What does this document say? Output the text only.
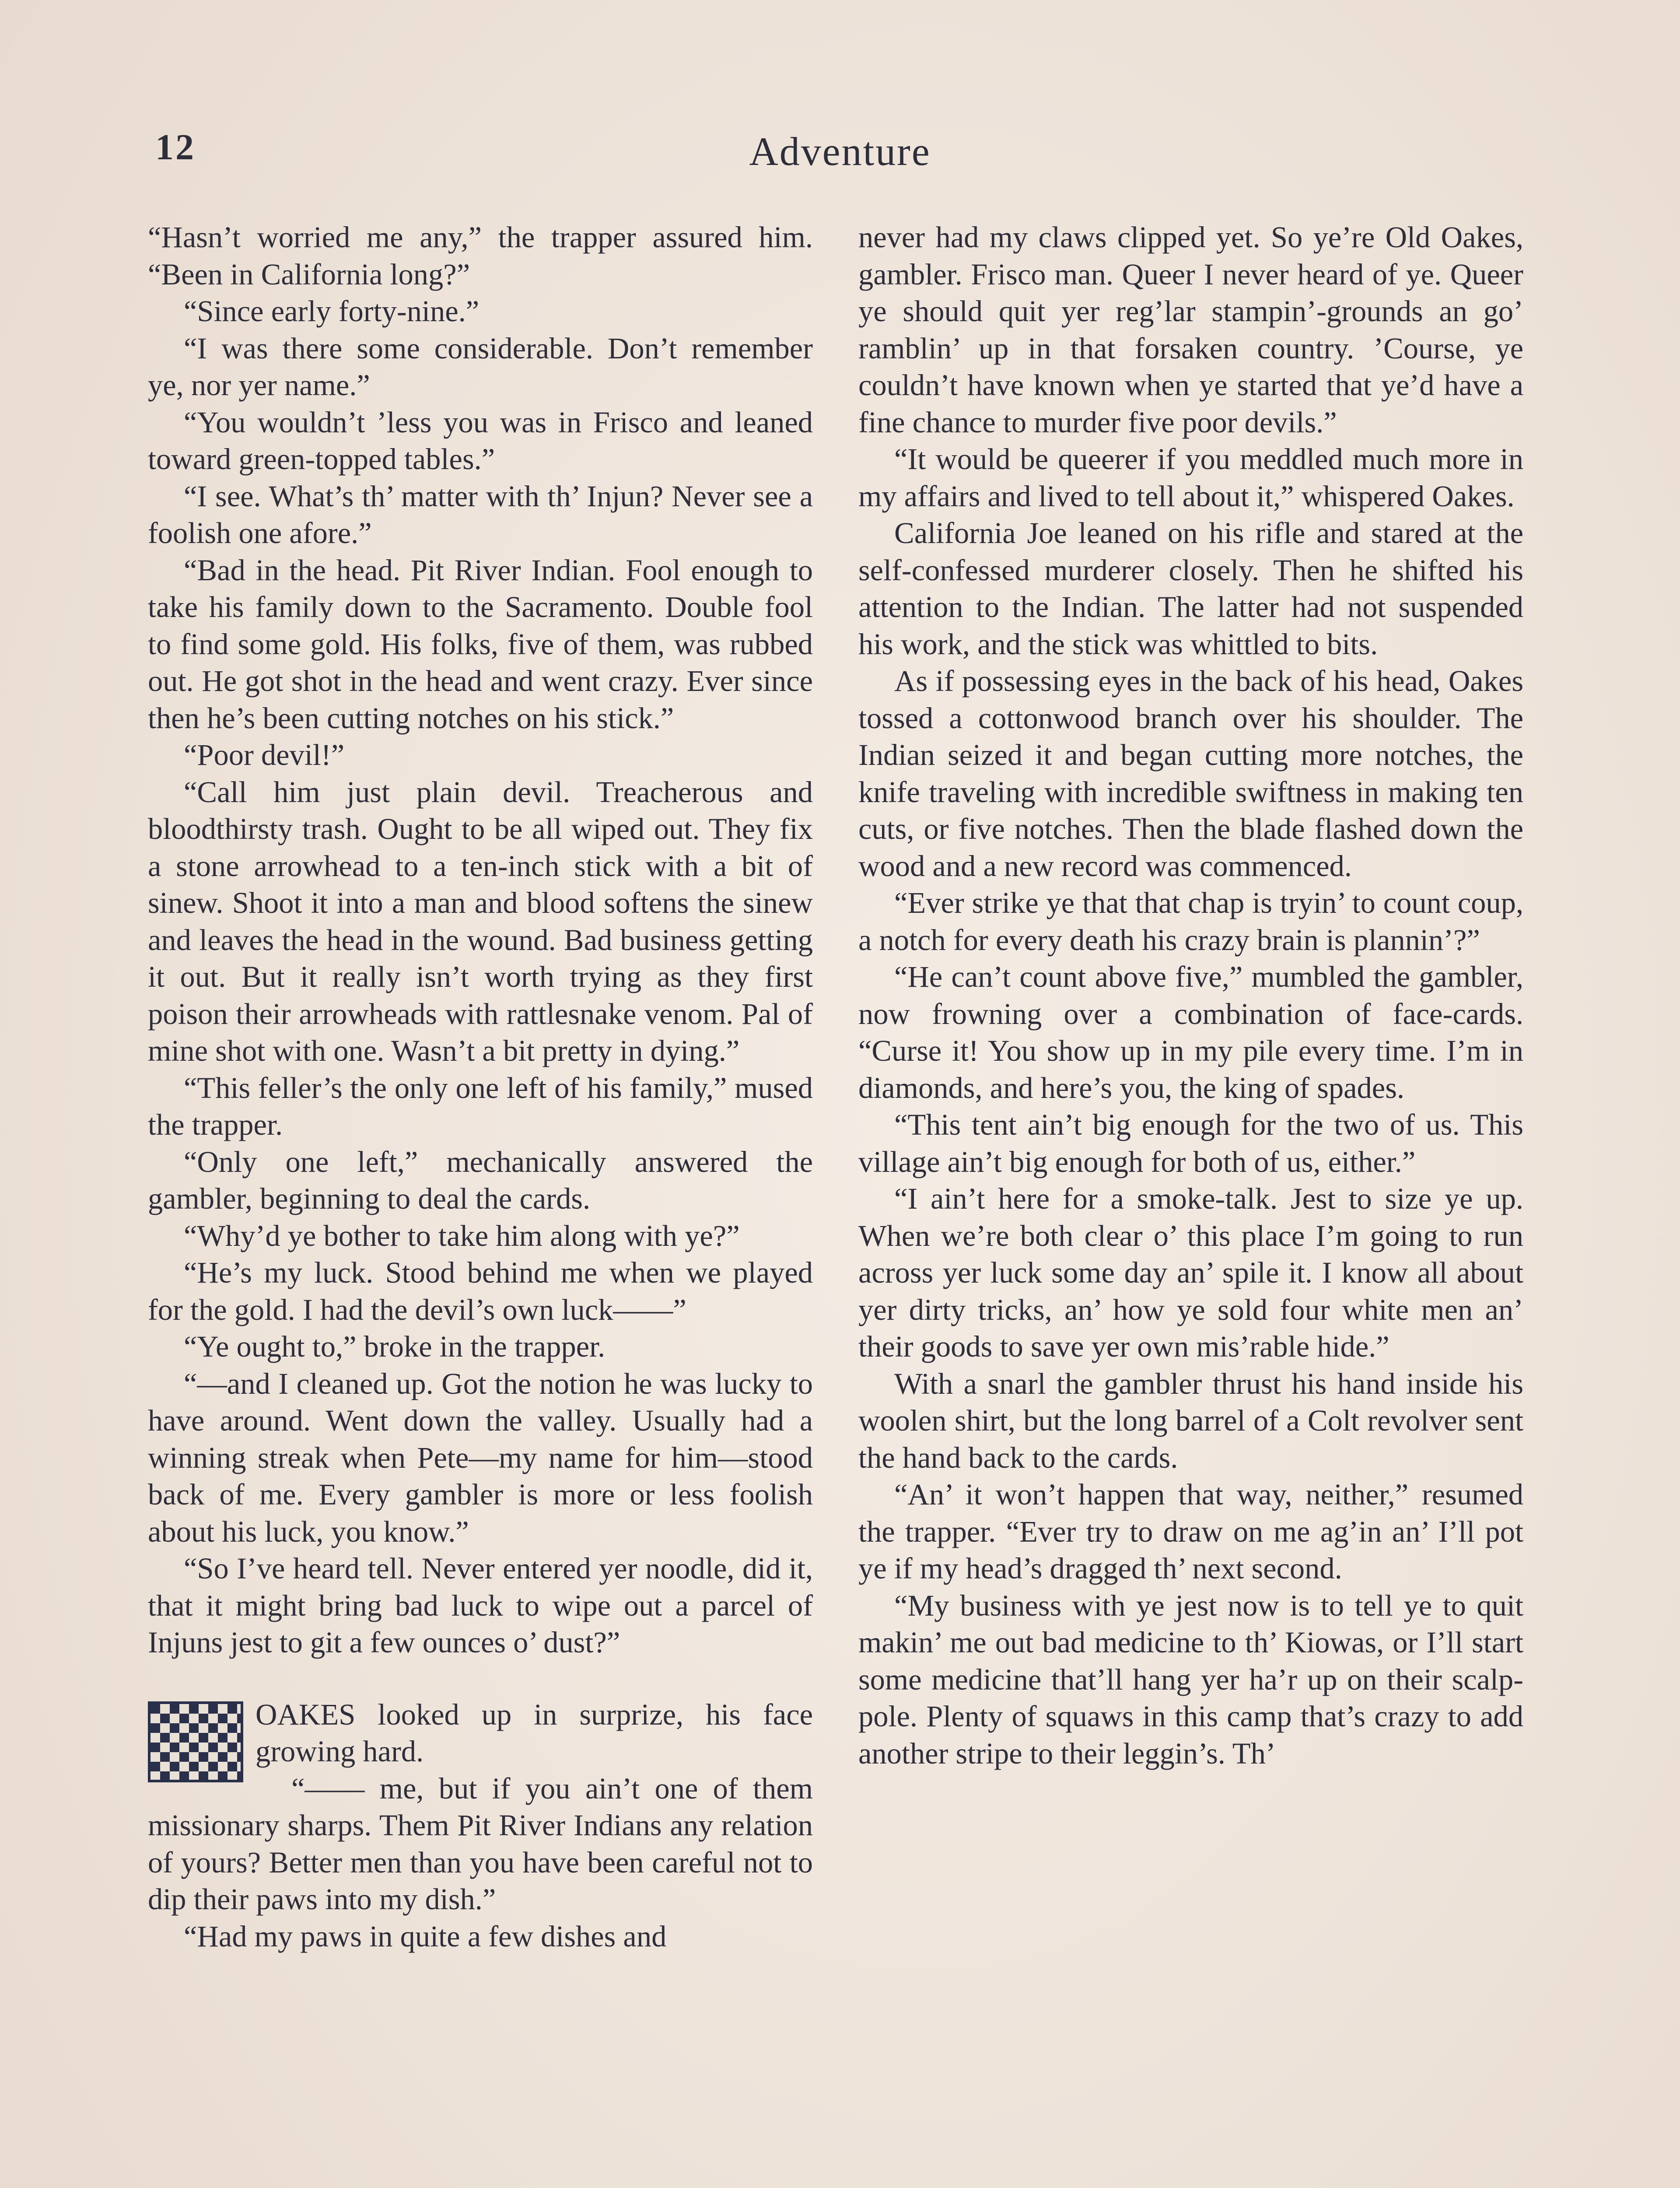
12	Adventure

“Hasn’t worried me any,” the trapper assured him. “Been in California long?”

“Since early forty-nine.”

“I was there some considerable. Don’t remember ye, nor yer name.”

“You wouldn’t ’less you was in Frisco and leaned toward green-topped tables.”

“I see. What’s th’ matter with th’ Injun? Never see a foolish one afore.”

“Bad in the head. Pit River Indian. Fool enough to take his family down to the Sacramento. Double fool to find some gold. His folks, five of them, was rubbed out. He got shot in the head and went crazy. Ever since then he’s been cutting notches on his stick.”

“Poor devil!”

“Call him just plain devil. Treacherous and bloodthirsty trash. Ought to be all wiped out. They fix a stone arrowhead to a ten-inch stick with a bit of sinew. Shoot it into a man and blood softens the sinew and leaves the head in the wound. Bad business getting it out. But it really isn’t worth trying as they first poison their arrowheads with rattlesnake venom. Pal of mine shot with one. Wasn’t a bit pretty in dying.”

“This feller’s the only one left of his family,” mused the trapper.

“Only one left,” mechanically answered the gambler, beginning to deal the cards.

“Why’d ye bother to take him along with ye?”

“He’s my luck. Stood behind me when we played for the gold. I had the devil’s own luck——”

“Ye ought to,” broke in the trapper.

“—and I cleaned up. Got the notion he was lucky to have around. Went down the valley. Usually had a winning streak when Pete—my name for him—stood back of me. Every gambler is more or less foolish about his luck, you know.”

“So I’ve heard tell. Never entered yer noodle, did it, that it might bring bad luck to wipe out a parcel of Injuns jest to git a few ounces o’ dust?”

OAKES looked up in surprize, his face growing hard.

“—— me, but if you ain’t one of them missionary sharps. Them Pit River Indians any relation of yours? Better men than you have been careful not to dip their paws into my dish.”

“Had my paws in quite a few dishes and

never had my claws clipped yet. So ye’re Old Oakes, gambler. Frisco man. Queer I never heard of ye. Queer ye should quit yer reg’lar stampin’-grounds an go’ ramblin’ up in that forsaken country. ’Course, ye couldn’t have known when ye started that ye’d have a fine chance to murder five poor devils.”

“It would be queerer if you meddled much more in my affairs and lived to tell about it,” whispered Oakes.

California Joe leaned on his rifle and stared at the self-confessed murderer closely. Then he shifted his attention to the Indian. The latter had not suspended his work, and the stick was whittled to bits.

As if possessing eyes in the back of his head, Oakes tossed a cottonwood branch over his shoulder. The Indian seized it and began cutting more notches, the knife traveling with incredible swiftness in making ten cuts, or five notches. Then the blade flashed down the wood and a new record was commenced.

“Ever strike ye that that chap is tryin’ to count coup, a notch for every death his crazy brain is plannin’?”

“He can’t count above five,” mumbled the gambler, now frowning over a combination of face-cards. “Curse it! You show up in my pile every time. I’m in diamonds, and here’s you, the king of spades.

“This tent ain’t big enough for the two of us. This village ain’t big enough for both of us, either.”

“I ain’t here for a smoke-talk. Jest to size ye up. When we’re both clear o’ this place I’m going to run across yer luck some day an’ spile it. I know all about yer dirty tricks, an’ how ye sold four white men an’ their goods to save yer own mis’rable hide.”

With a snarl the gambler thrust his hand inside his woolen shirt, but the long barrel of a Colt revolver sent the hand back to the cards.

“An’ it won’t happen that way, neither,” resumed the trapper. “Ever try to draw on me ag’in an’ I’ll pot ye if my head’s dragged th’ next second.

“My business with ye jest now is to tell ye to quit makin’ me out bad medicine to th’ Kiowas, or I’ll start some medicine that’ll hang yer ha’r up on their scalp-pole. Plenty of squaws in this camp that’s crazy to add another stripe to their leggin’s. Th’
